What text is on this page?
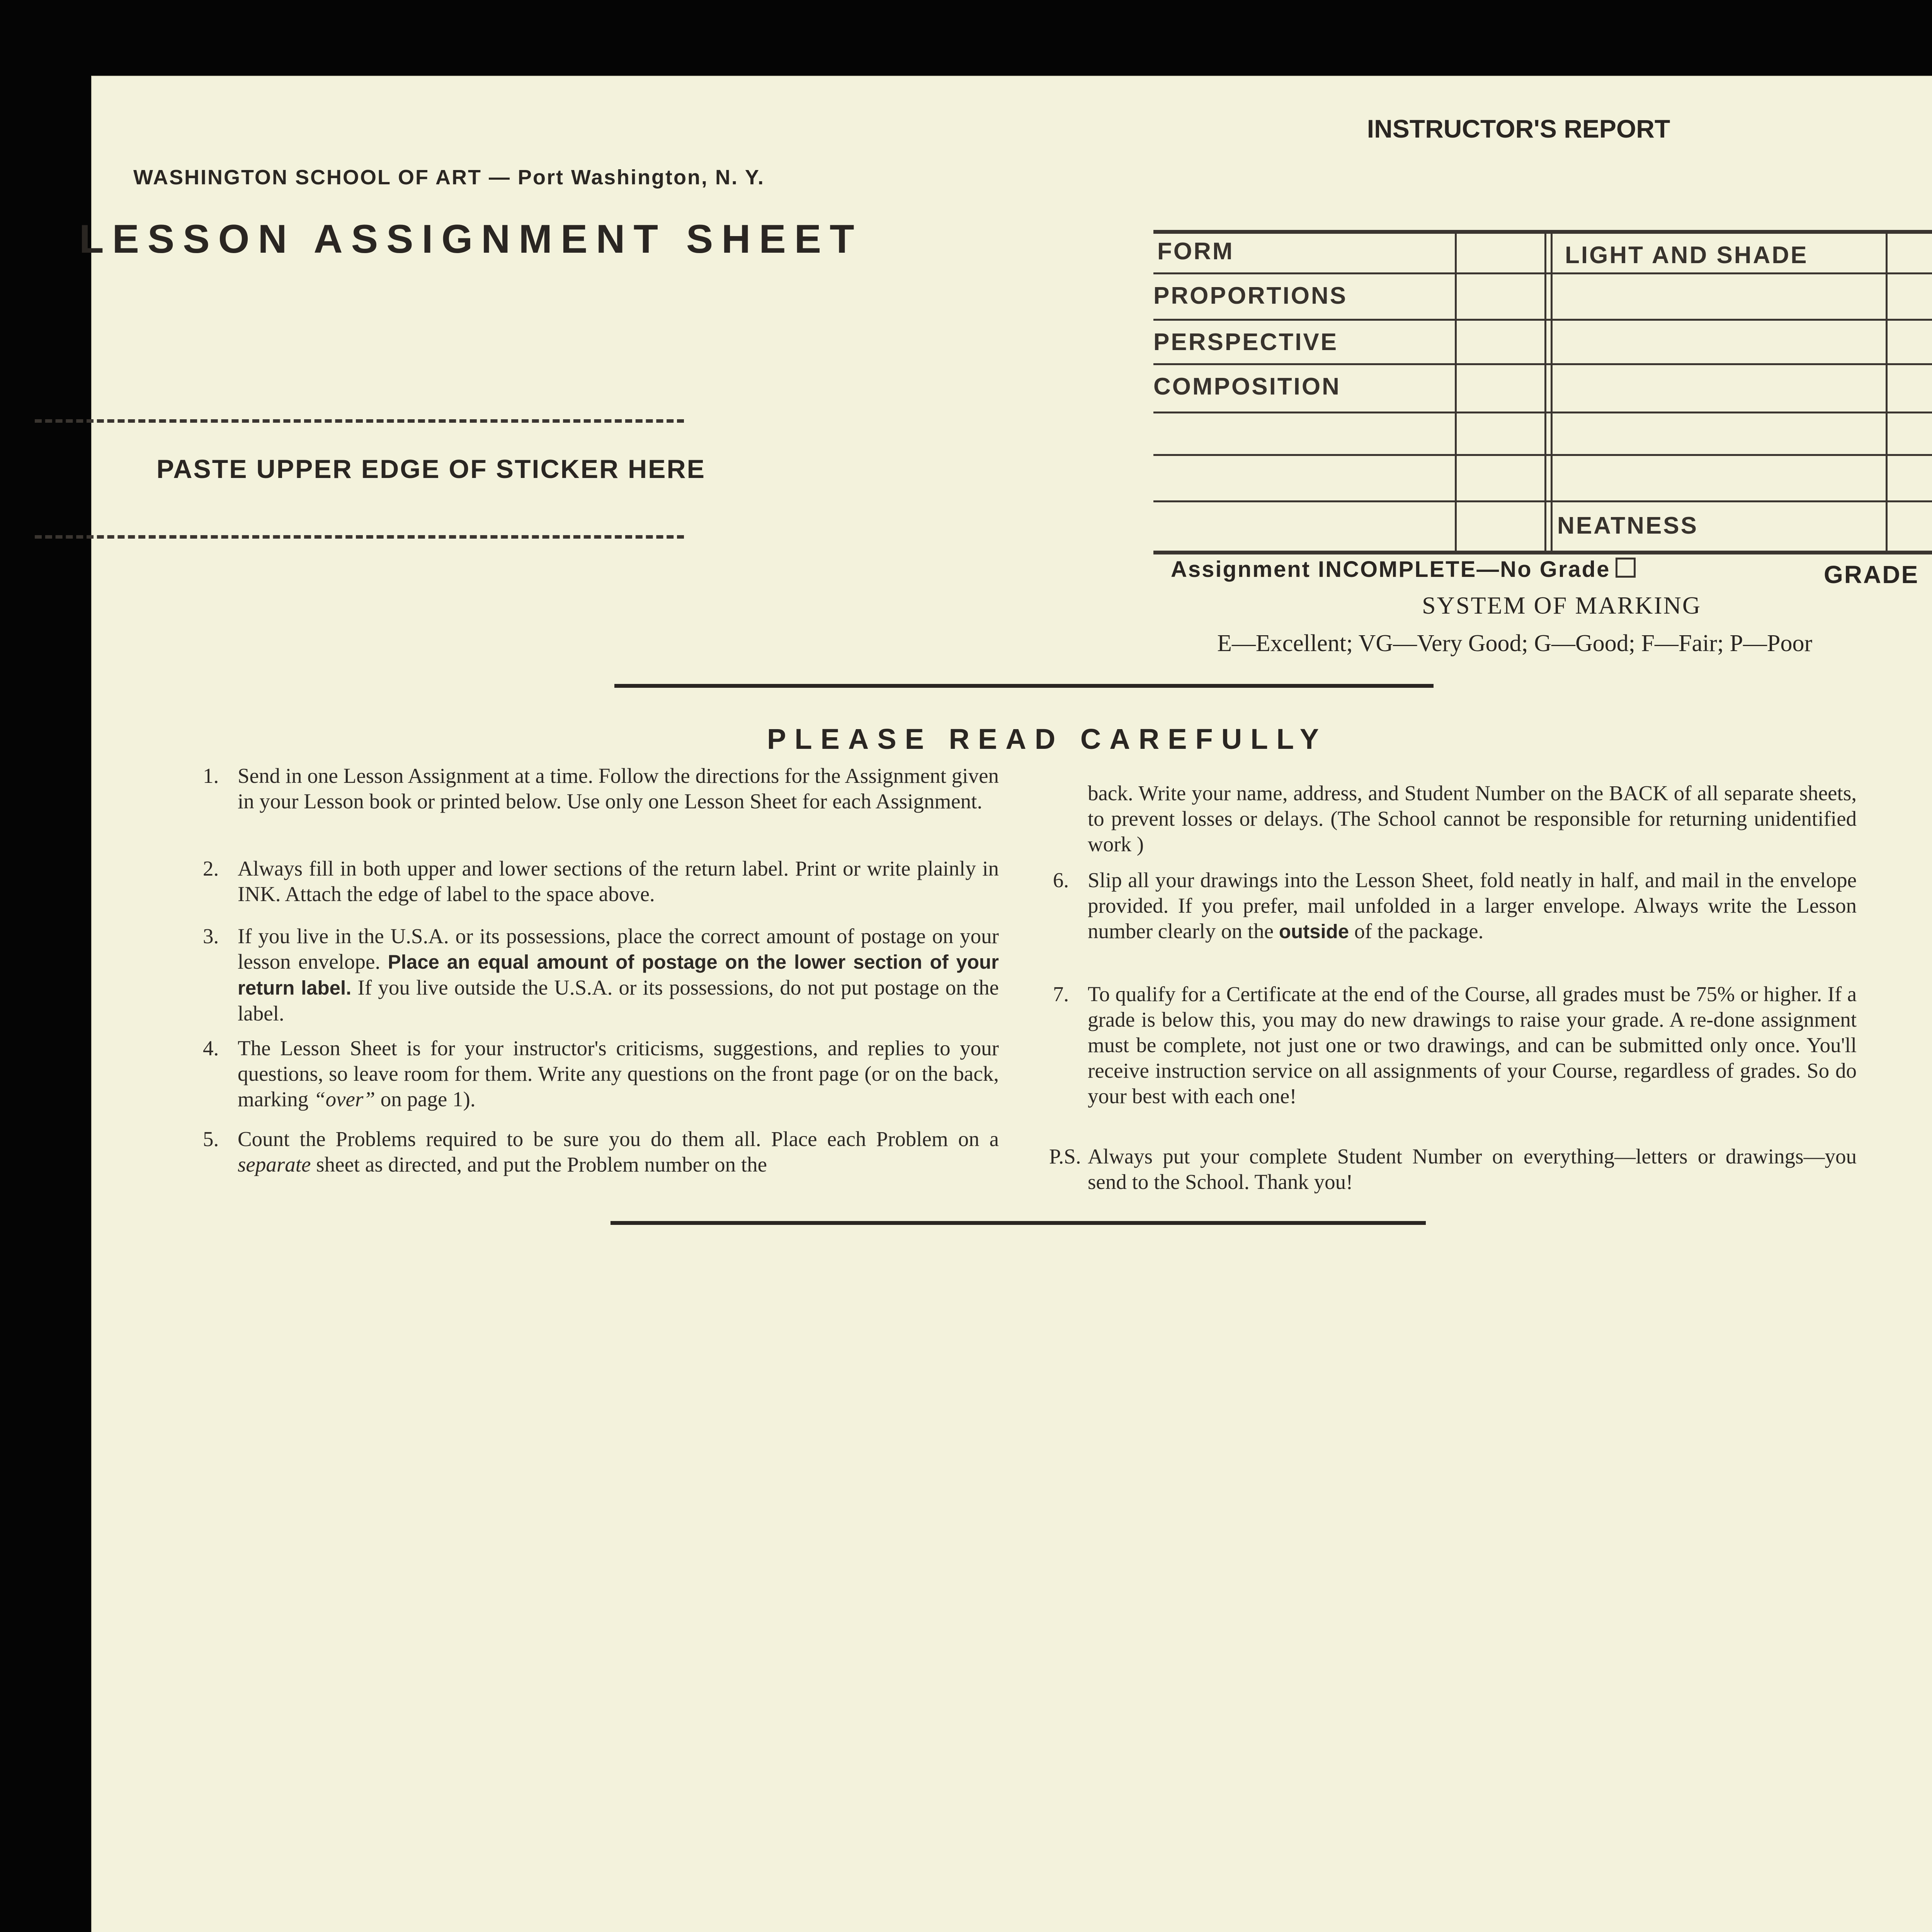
WASHINGTON SCHOOL OF ART — Port Washington, N. Y.
LESSON ASSIGNMENT SHEET
PASTE UPPER EDGE OF STICKER HERE
INSTRUCTOR'S REPORT
FORM
PROPORTIONS
PERSPECTIVE
COMPOSITION
LIGHT AND SHADE
NEATNESS
Assignment INCOMPLETE—No Grade	GRADE
SYSTEM OF MARKING
E—Excellent; VG—Very Good; G—Good; F—Fair; P—Poor
PLEASE READ CAREFULLY
1. Send in one Lesson Assignment at a time. Follow the directions for the Assignment given in your Lesson book or printed below. Use only one Lesson Sheet for each Assignment.
2. Always fill in both upper and lower sections of the return label. Print or write plainly in INK. Attach the edge of label to the space above.
3. If you live in the U.S.A. or its possessions, place the correct amount of postage on your lesson envelope. Place an equal amount of postage on the lower section of your return label. If you live outside the U.S.A. or its possessions, do not put postage on the label.
4. The Lesson Sheet is for your instructor's criticisms, suggestions, and replies to your questions, so leave room for them. Write any questions on the front page (or on the back, marking “over” on page 1).
5. Count the Problems required to be sure you do them all. Place each Problem on a separate sheet as directed, and put the Problem number on the
back. Write your name, address, and Student Number on the BACK of all separate sheets, to prevent losses or delays. (The School cannot be responsible for returning unidentified work )
6. Slip all your drawings into the Lesson Sheet, fold neatly in half, and mail in the envelope provided. If you prefer, mail unfolded in a larger envelope. Always write the Lesson number clearly on the outside of the package.
7. To qualify for a Certificate at the end of the Course, all grades must be 75% or higher. If a grade is below this, you may do new drawings to raise your grade. A re-done assignment must be complete, not just one or two drawings, and can be submitted only once. You'll receive instruction service on all assignments of your Course, regardless of grades. So do your best with each one!
P.S. Always put your complete Student Number on everything—letters or drawings—you send to the School. Thank you!
